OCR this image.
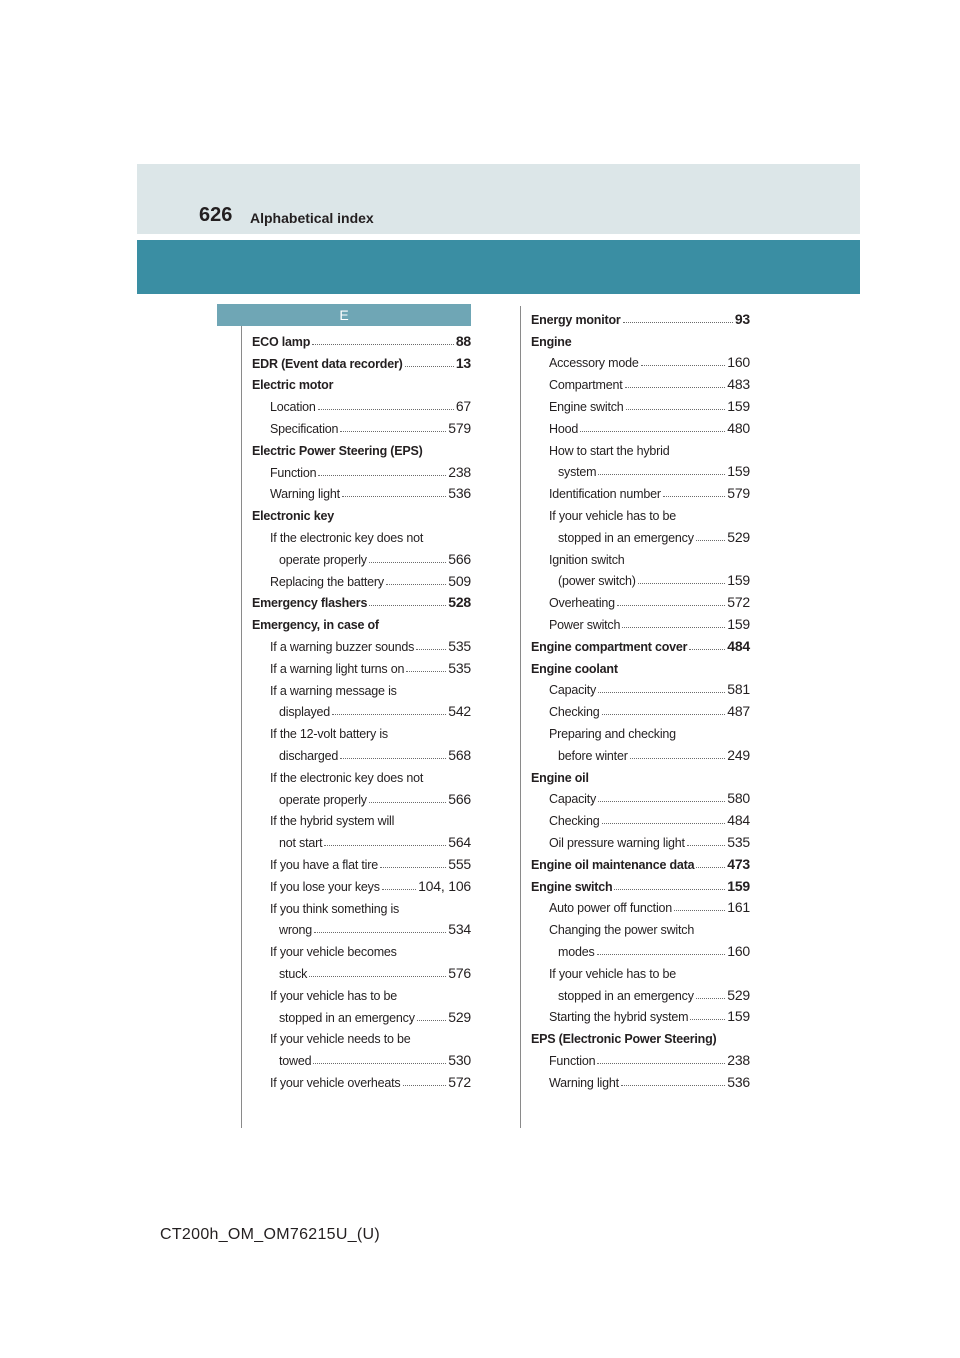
626 Alphabetical index
E
ECO lamp	88
EDR (Event data recorder)	13
Electric motor
Location	67
Specification	579
Electric Power Steering (EPS)
Function	238
Warning light	536
Electronic key
If the electronic key does not
operate properly	566
Replacing the battery	509
Emergency flashers	528
Emergency, in case of
If a warning buzzer sounds 535
If a warning light turns on	535
If a warning message is
displayed	542
If the 12-volt battery is
discharged	568
If the electronic key does not
operate properly	566
If the hybrid system will
not start	564
If you have a flat tire	555
If you lose your keys	104, 106
If you think something is
wrong	534
If your vehicle becomes
stuck	576
If your vehicle has to be
stopped in an emergency 529
If your vehicle needs to be
towed	530
If your vehicle overheats	572
Energy monitor	93
Engine
Accessory mode	160
Compartment	483
Engine switch	159
Hood	480
How to start the hybrid
system	159
Identification number	579
If your vehicle has to be
stopped in an emergency 529
Ignition switch
(power switch)	159
Overheating	572
Power switch	159
Engine compartment cover	484
Engine coolant
Capacity	581
Checking	487
Preparing and checking
before winter	249
Engine oil
Capacity	580
Checking	484
Oil pressure warning light	535
Engine oil maintenance data 473
Engine switch	159
Auto power off function	161
Changing the power switch
modes	160
If your vehicle has to be
stopped in an emergency 529
Starting the hybrid system	159
EPS (Electronic Power Steering)
Function	238
Warning light	536
CT200h_OM_OM76215U_(U)
